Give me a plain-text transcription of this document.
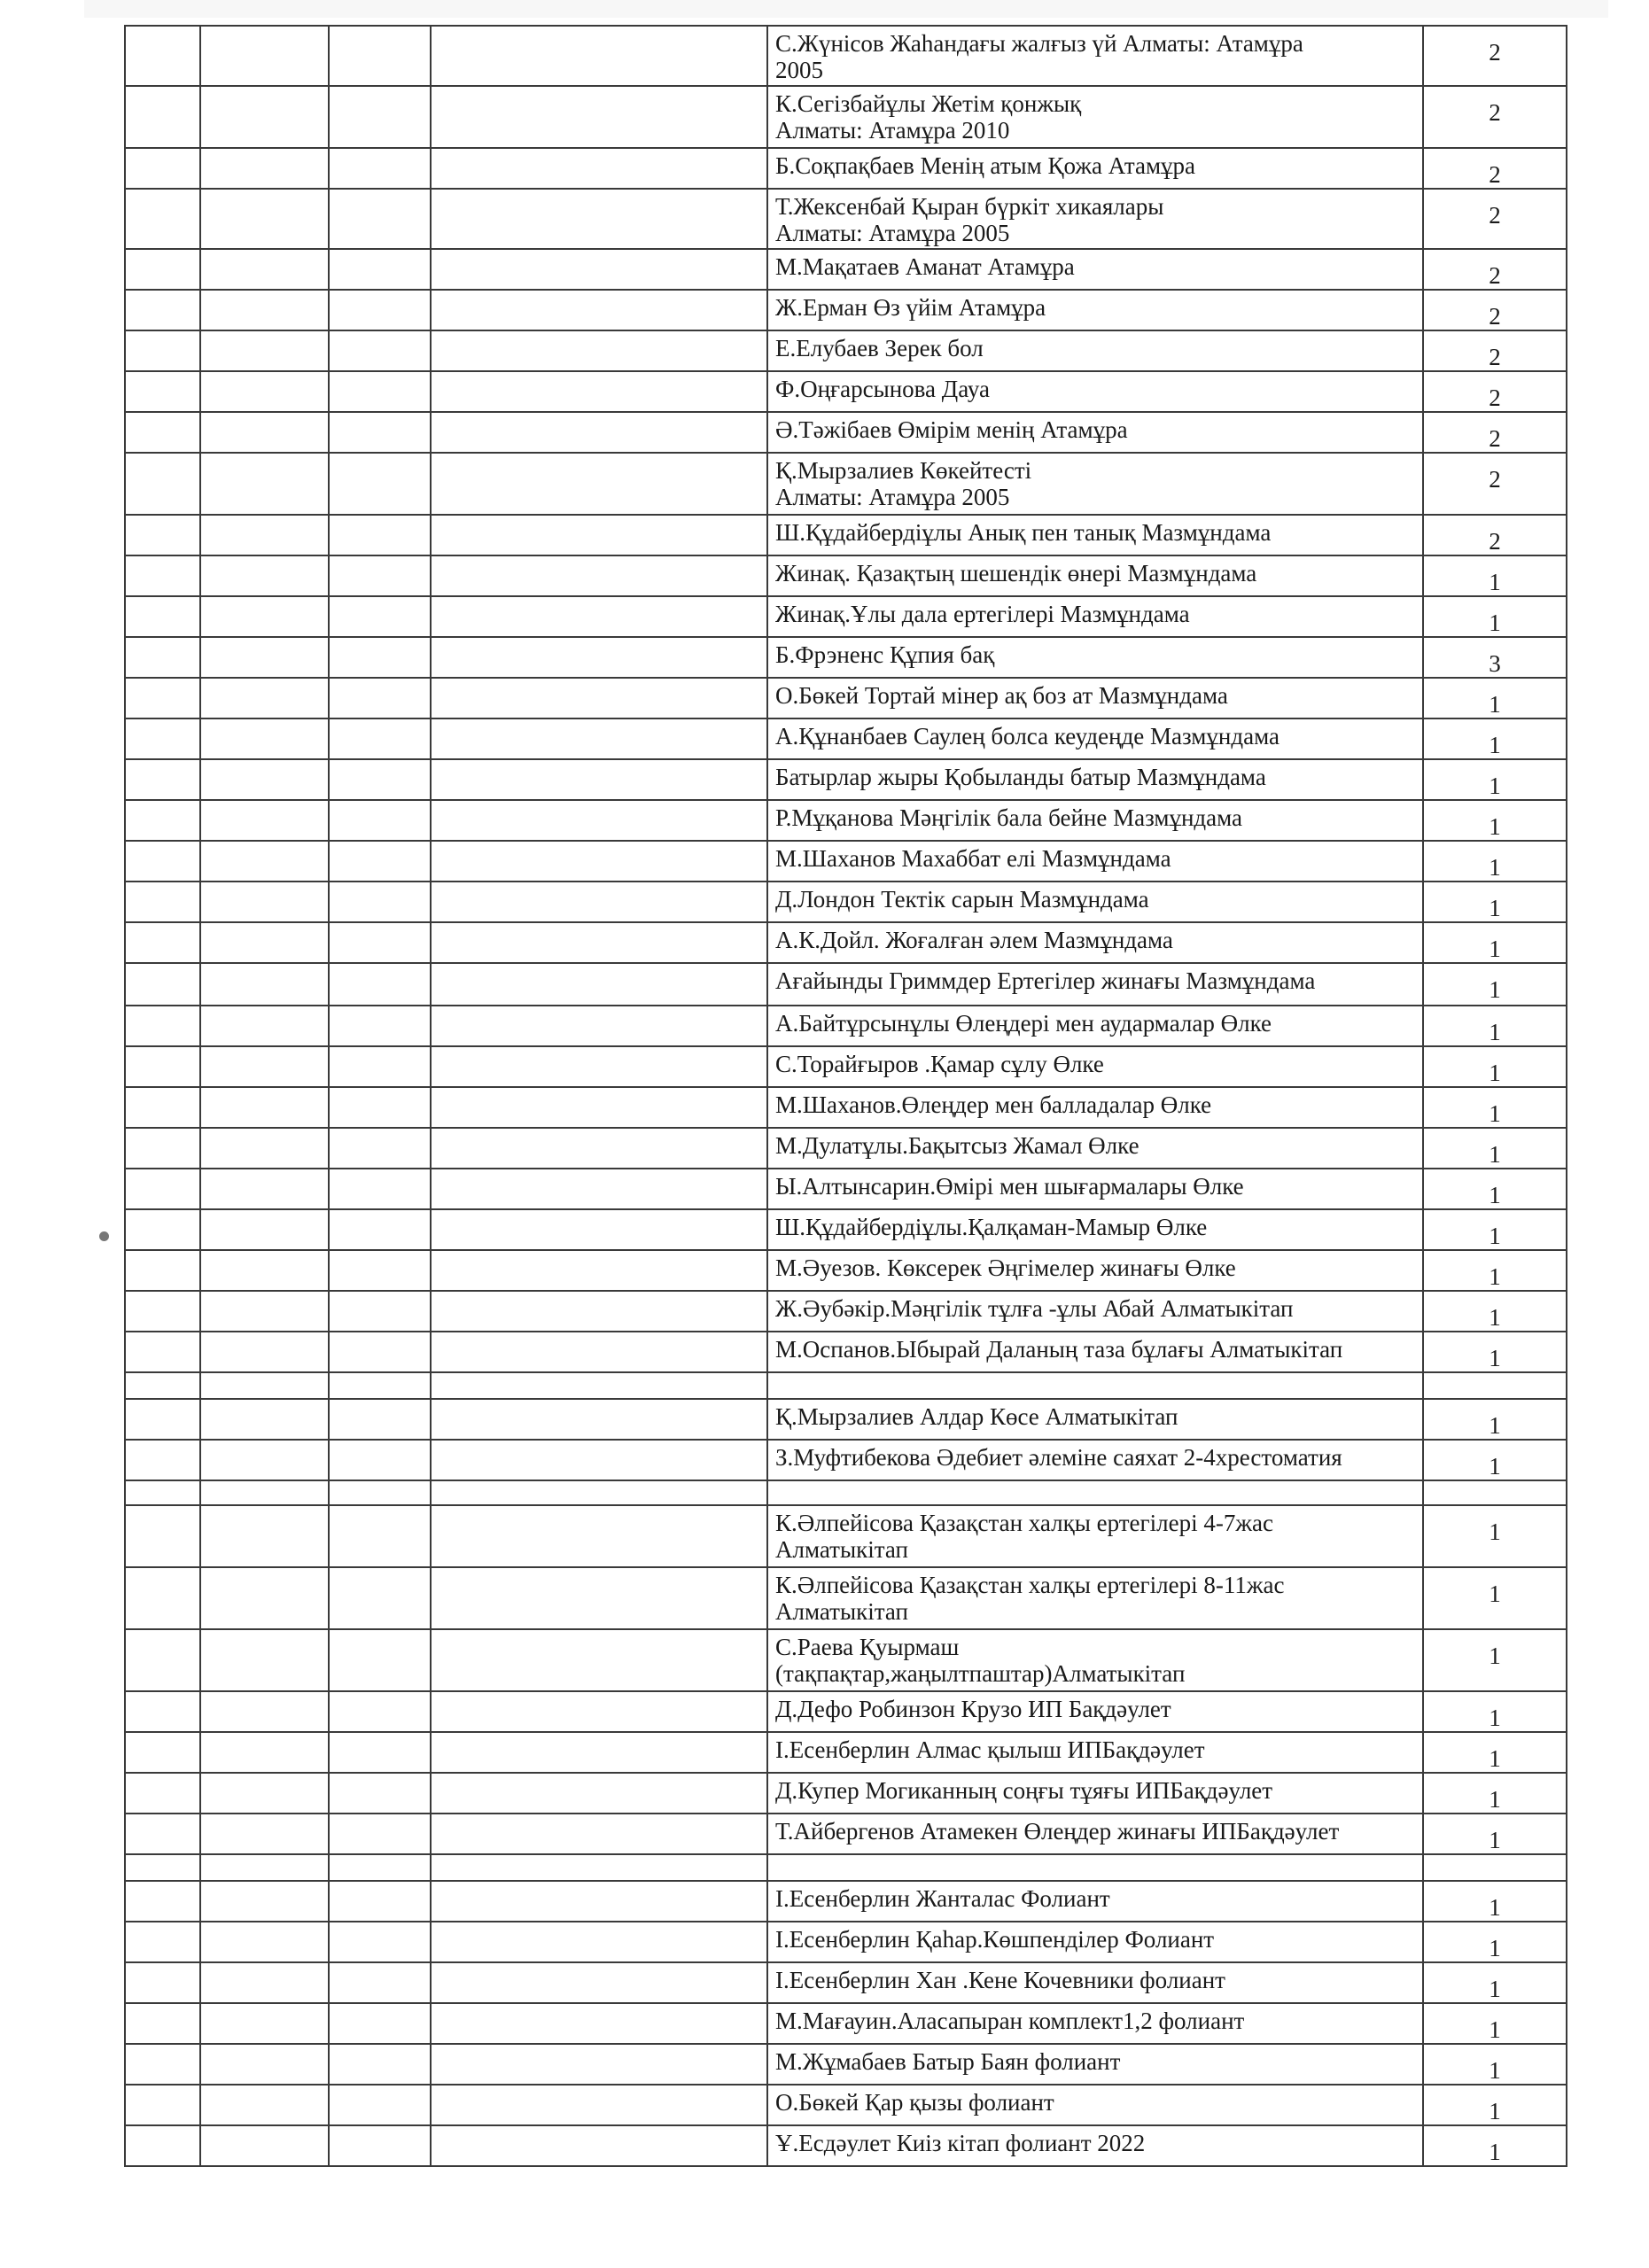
				С.Жүнісов Жаһандағы жалғыз үй Алматы: Атамұра
2005	2
				К.Сегізбайұлы Жетім қонжық
Алматы: Атамұра 2010	2
				Б.Соқпақбаев Менің атым Қожа Атамұра	2
				Т.Жексенбай Қыран бүркіт хикаялары
Алматы: Атамұра 2005	2
				М.Мақатаев Аманат Атамұра	2
				Ж.Ерман Өз үйім Атамұра	2
				Е.Елубаев Зерек бол	2
				Ф.Оңғарсынова Дауа	2
				Ә.Тәжібаев Өмірім менің Атамұра	2
				Қ.Мырзалиев Көкейтесті
Алматы: Атамұра 2005	2
				Ш.Құдайбердіұлы Анық пен танық Мазмұндама	2
				Жинақ. Қазақтың шешендік өнері Мазмұндама	1
				Жинақ.Ұлы дала ертегілері Мазмұндама	1
				Б.Фрэненс Құпия бақ	3
				О.Бөкей Тортай мінер ақ боз ат Мазмұндама	1
				А.Құнанбаев Саулең болса кеудеңде Мазмұндама	1
				Батырлар жыры Қобыланды батыр Мазмұндама	1
				Р.Мұқанова Мәңгілік бала бейне Мазмұндама	1
				М.Шаханов Махаббат елі Мазмұндама	1
				Д.Лондон Тектік сарын Мазмұндама	1
				А.К.Дойл. Жоғалған әлем Мазмұндама	1
				Ағайынды Гриммдер Ертегілер жинағы Мазмұндама	1
				А.Байтұрсынұлы Өлеңдері мен аудармалар Өлке	1
				С.Торайғыров .Қамар сұлу Өлке	1
				М.Шаханов.Өлеңдер мен балладалар Өлке	1
				М.Дулатұлы.Бақытсыз Жамал Өлке	1
				Ы.Алтынсарин.Өмірі мен шығармалары Өлке	1
				Ш.Құдайбердіұлы.Қалқаман-Мамыр Өлке	1
				М.Әуезов. Көксерек Әңгімелер жинағы Өлке	1
				Ж.Әубәкір.Мәңгілік тұлға -ұлы Абай Алматыкітап	1
				М.Оспанов.Ыбырай Даланың таза бұлағы Алматыкітап	1

				Қ.Мырзалиев Алдар Көсе Алматыкітап	1
				З.Муфтибекова Әдебиет әлеміне саяхат 2-4хрестоматия	1

				К.Әлпейісова Қазақстан халқы ертегілері 4-7жас
Алматыкітап	1
				К.Әлпейісова Қазақстан халқы ертегілері 8-11жас
Алматыкітап	1
				С.Раева Қуырмаш
(тақпақтар,жаңылтпаштар)Алматыкітап	1
				Д.Дефо Робинзон Крузо ИП Бақдәулет	1
				І.Есенберлин Алмас қылыш ИПБақдәулет	1
				Д.Купер Могиканның соңғы тұяғы ИПБақдәулет	1
				Т.Айбергенов Атамекен Өлеңдер жинағы ИПБақдәулет	1

				І.Есенберлин Жанталас Фолиант	1
				І.Есенберлин Қаһар.Көшпенділер Фолиант	1
				І.Есенберлин Хан .Кене Кочевники фолиант	1
				М.Мағауин.Аласапыран комплект1,2 фолиант	1
				М.Жұмабаев Батыр Баян фолиант	1
				О.Бөкей Қар қызы фолиант	1
				Ұ.Есдәулет Киіз кітап фолиант 2022	1
